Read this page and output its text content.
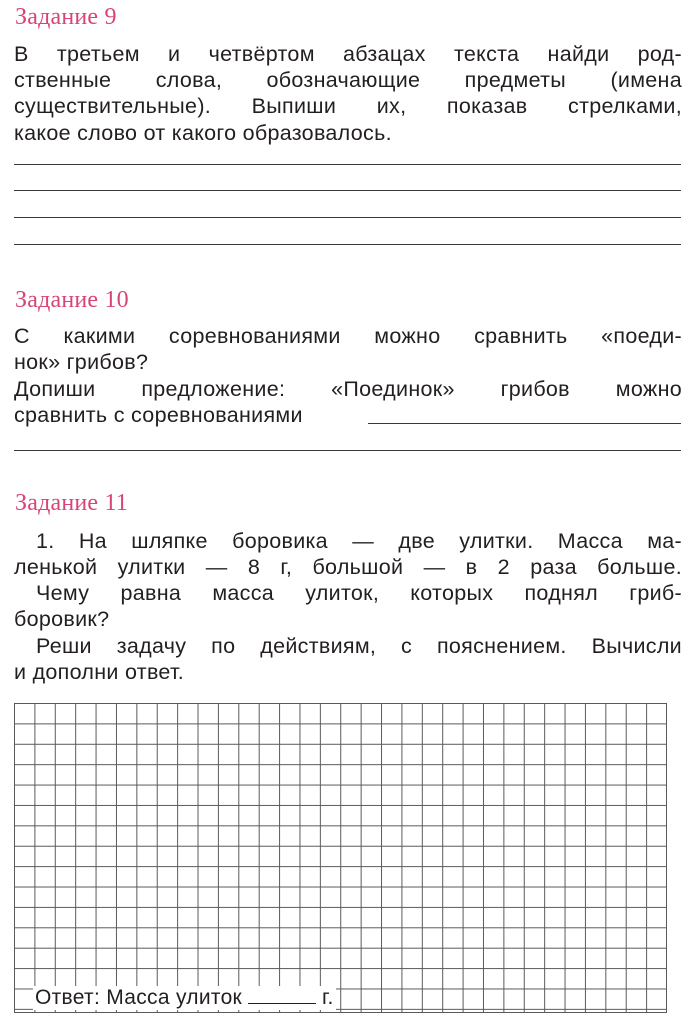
Задание 9

В третьем и четвёртом абзацах текста найди род-

ственные слова, обозначающие предметы (имена

существительные). Выпиши их, показав стрелками,

какое слово от какого образовалось.

Задание 10

С какими соревнованиями можно сравнить «поеди-

нок» грибов?

Допиши предложение: «Поединок» грибов можно

сравнить с соревнованиями

Задание 11

1. На шляпке боровика — две улитки. Масса ма-

ленькой улитки — 8 г, большой — в 2 раза больше.

Чему равна масса улиток, которых поднял гриб-

боровик?

Реши задачу по действиям, с пояснением. Вычисли

и дополни ответ.

Ответ: Масса улиток	г.
